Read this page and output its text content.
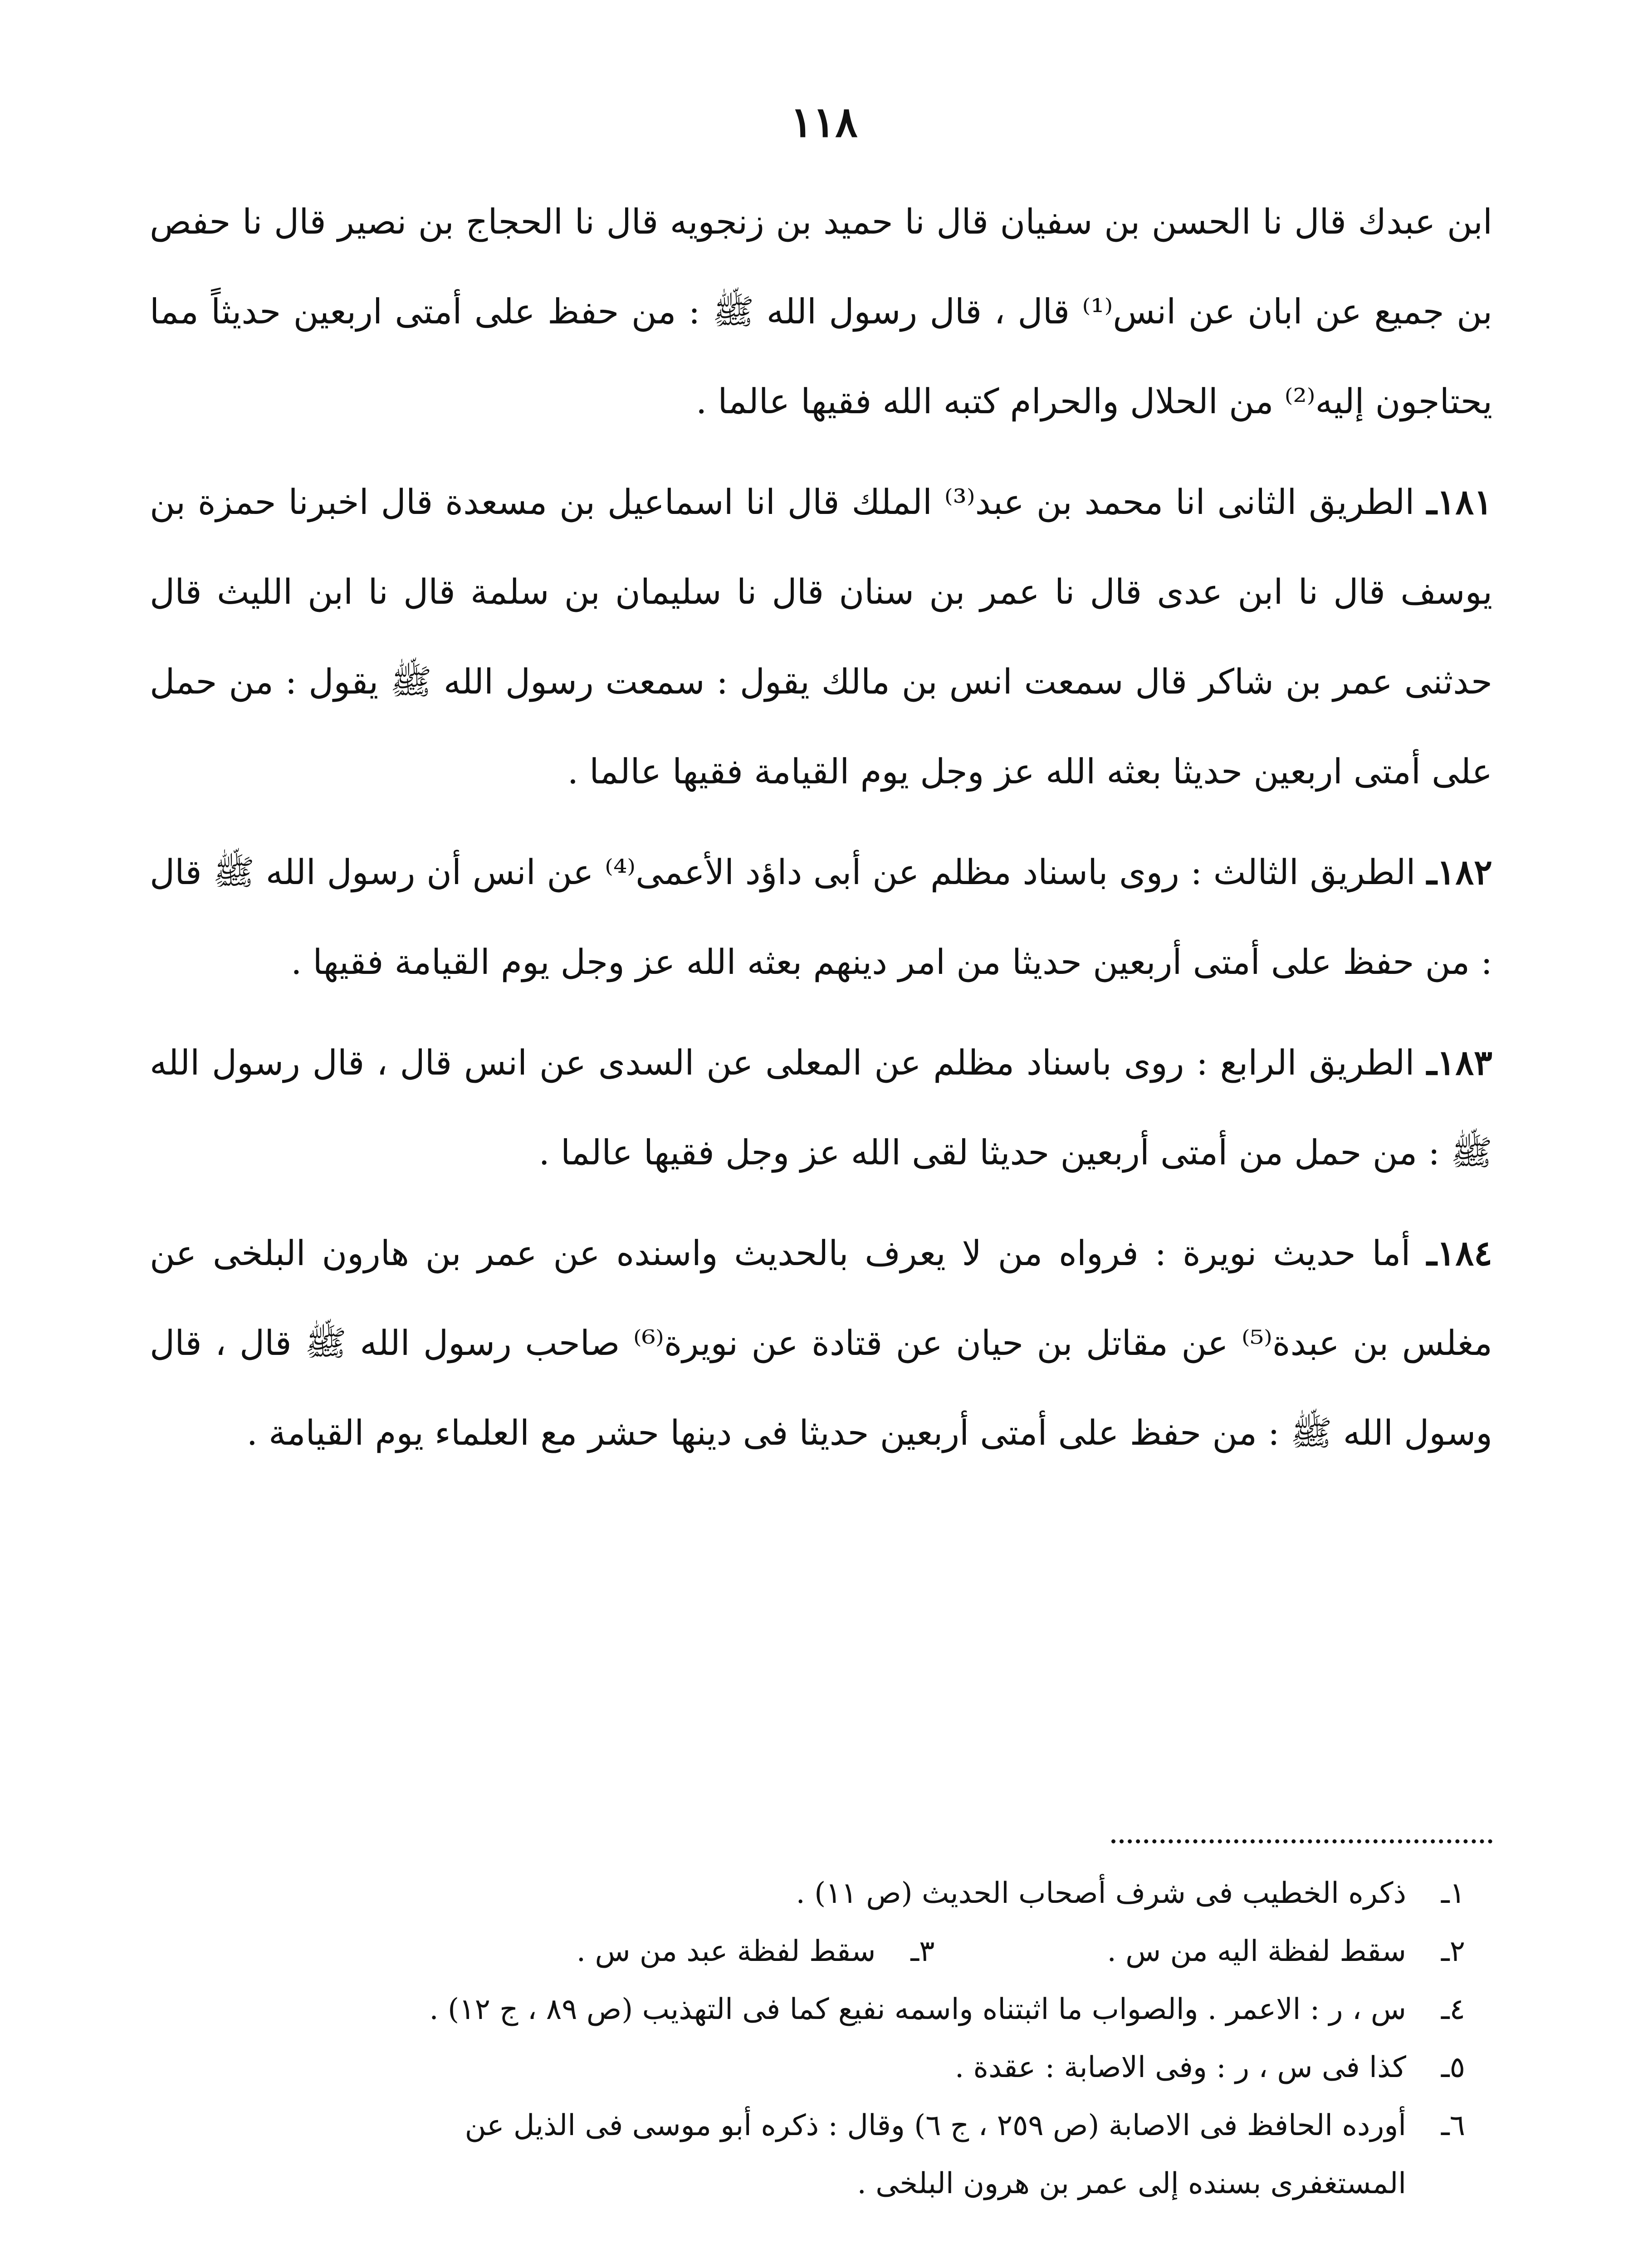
١١٨

ابن عبدك قال نا الحسن بن سفيان قال نا حميد بن زنجويه قال نا الحجاج بن نصير قال نا حفص بن جميع عن ابان عن انس⁽¹⁾ قال ، قال رسول الله ﷺ : من حفظ على أمتى اربعين حديثاً مما يحتاجون إليه⁽²⁾ من الحلال والحرام كتبه الله فقيها عالما .

١٨١ـ الطريق الثانى انا محمد بن عبد⁽³⁾ الملك قال انا اسماعيل بن مسعدة قال اخبرنا حمزة بن يوسف قال نا ابن عدى قال نا عمر بن سنان قال نا سليمان بن سلمة قال نا ابن الليث قال حدثنى عمر بن شاكر قال سمعت انس بن مالك يقول : سمعت رسول الله ﷺ يقول : من حمل على أمتى اربعين حديثا بعثه الله عز وجل يوم القيامة فقيها عالما .

١٨٢ـ الطريق الثالث : روى باسناد مظلم عن أبى داؤد الأعمى⁽⁴⁾ عن انس أن رسول الله ﷺ قال : من حفظ على أمتى أربعين حديثا من امر دينهم بعثه الله عز وجل يوم القيامة فقيها .

١٨٣ـ الطريق الرابع : روى باسناد مظلم عن المعلى عن السدى عن انس قال ، قال رسول الله ﷺ : من حمل من أمتى أربعين حديثا لقى الله عز وجل فقيها عالما .

١٨٤ـ أما حديث نويرة : فرواه من لا يعرف بالحديث واسنده عن عمر بن هارون البلخى عن مغلس بن عبدة⁽⁵⁾ عن مقاتل بن حيان عن قتادة عن نويرة⁽⁶⁾ صاحب رسول الله ﷺ قال ، قال وسول الله ﷺ : من حفظ على أمتى أربعين حديثا فى دينها حشر مع العلماء يوم القيامة .

١ـ
ذكره الخطيب فى شرف أصحاب الحديث (ص ١١) .
٢ـ
سقط لفظة اليه من س .
٣ـ
سقط لفظة عبد من س .
٤ـ
س ، ر : الاعمر . والصواب ما اثبتناه واسمه نفيع كما فى التهذيب (ص ٨٩ ، ج ١٢) .
٥ـ
كذا فى س ، ر : وفى الاصابة : عقدة .
٦ـ
أورده الحافظ فى الاصابة (ص ٢٥٩ ، ج ٦) وقال : ذكره أبو موسى فى الذيل عن
المستغفرى بسنده إلى عمر بن هرون البلخى .
